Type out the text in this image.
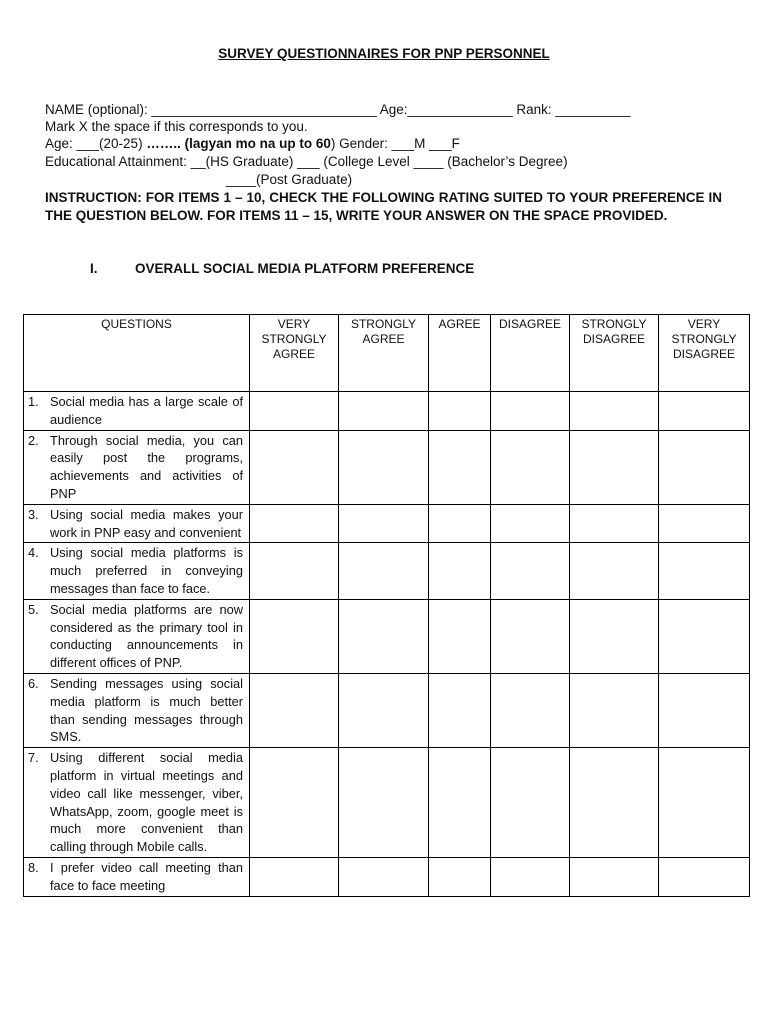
SURVEY QUESTIONNAIRES FOR PNP PERSONNEL
NAME (optional): ______________________________ Age:______________ Rank: __________
Mark X the space if this corresponds to you.
Age: ___(20-25) …….. (lagyan mo na up to 60) Gender: ___M ___F
Educational Attainment: __(HS Graduate) ___ (College Level ____ (Bachelor’s Degree)
____(Post Graduate)
INSTRUCTION: FOR ITEMS 1 – 10, CHECK THE FOLLOWING RATING SUITED TO YOUR PREFERENCE IN THE QUESTION BELOW. FOR ITEMS 11 – 15, WRITE YOUR ANSWER ON THE SPACE PROVIDED.
I.	OVERALL SOCIAL MEDIA PLATFORM PREFERENCE
QUESTIONS	VERY STRONGLY AGREE	STRONGLY AGREE	AGREE	DISAGREE	STRONGLY DISAGREE	VERY STRONGLY DISAGREE

1. Social media has a large scale of audience						

2. Through social media, you can easily post the programs, achievements and activities of PNP						

3. Using social media makes your work in PNP easy and convenient						

4. Using social media platforms is much preferred in conveying messages than face to face.						

5. Social media platforms are now considered as the primary tool in conducting announcements in different offices of PNP.						

6. Sending messages using social media platform is much better than sending messages through SMS.						

7. Using different social media platform in virtual meetings and video call like messenger, viber, WhatsApp, zoom, google meet is much more convenient than calling through Mobile calls.						

8. I prefer video call meeting than face to face meeting						
